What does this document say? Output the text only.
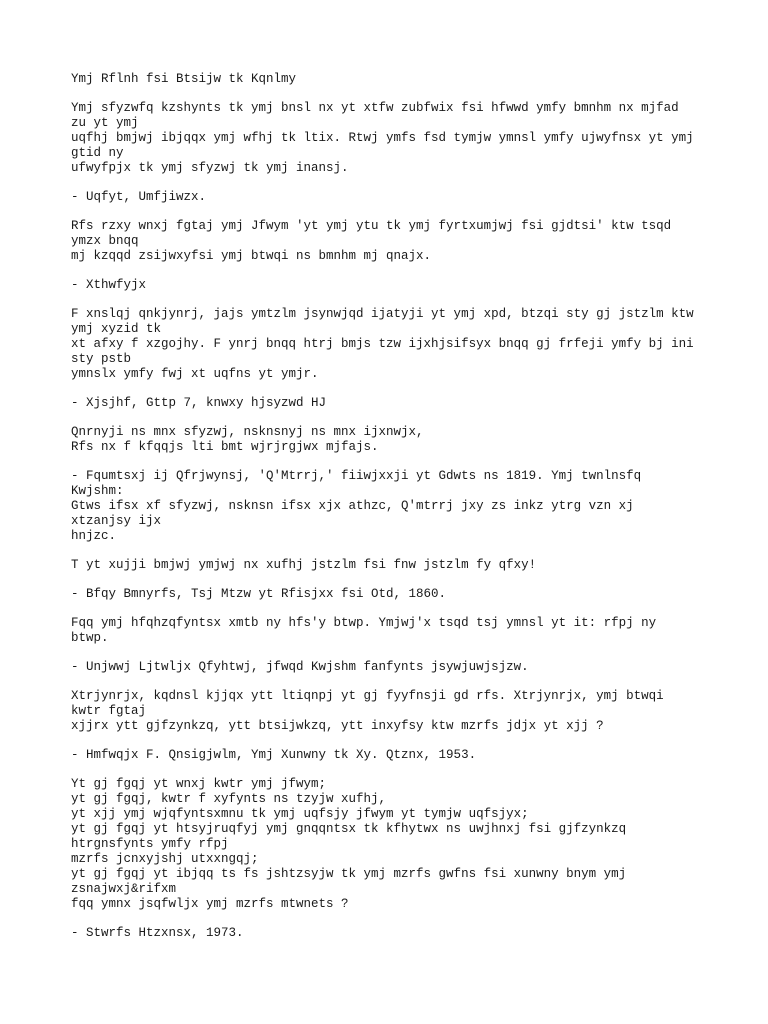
Ymj Rflnh fsi Btsijw tk Kqnlmy

Ymj sfyzwfq kzshynts tk ymj bnsl nx yt xtfw zubfwix fsi hfwwd ymfy bmnhm nx mjfad
zu yt ymj
uqfhj bmjwj ibjqqx ymj wfhj tk ltix. Rtwj ymfs fsd tymjw ymnsl ymfy ujwyfnsx yt ymj
gtid ny
ufwyfpjx tk ymj sfyzwj tk ymj inansj.

- Uqfyt, Umfjiwzx.

Rfs rzxy wnxj fgtaj ymj Jfwym 'yt ymj ytu tk ymj fyrtxumjwj fsi gjdtsi' ktw tsqd
ymzx bnqq
mj kzqqd zsijwxyfsi ymj btwqi ns bmnhm mj qnajx.

- Xthwfyjx

F xnslqj qnkjynrj, jajs ymtzlm jsynwjqd ijatyji yt ymj xpd, btzqi sty gj jstzlm ktw
ymj xyzid tk
xt afxy f xzgojhy. F ynrj bnqq htrj bmjs tzw ijxhjsifsyx bnqq gj frfeji ymfy bj ini
sty pstb
ymnslx ymfy fwj xt uqfns yt ymjr.

- Xjsjhf, Gttp 7, knwxy hjsyzwd HJ

Qnrnyji ns mnx sfyzwj, nsknsnyj ns mnx ijxnwjx,
Rfs nx f kfqqjs lti bmt wjrjrgjwx mjfajs.

- Fqumtsxj ij Qfrjwynsj, 'Q'Mtrrj,' fiiwjxxji yt Gdwts ns 1819. Ymj twnlnsfq
Kwjshm:
Gtws ifsx xf sfyzwj, nsknsn ifsx xjx athzc, Q'mtrrj jxy zs inkz ytrg vzn xj
xtzanjsy ijx
hnjzc.

T yt xujji bmjwj ymjwj nx xufhj jstzlm fsi fnw jstzlm fy qfxy!

- Bfqy Bmnyrfs, Tsj Mtzw yt Rfisjxx fsi Otd, 1860.

Fqq ymj hfqhzqfyntsx xmtb ny hfs'y btwp. Ymjwj'x tsqd tsj ymnsl yt it: rfpj ny
btwp.

- Unjwwj Ljtwljx Qfyhtwj, jfwqd Kwjshm fanfynts jsywjuwjsjzw.

Xtrjynrjx, kqdnsl kjjqx ytt ltiqnpj yt gj fyyfnsji gd rfs. Xtrjynrjx, ymj btwqi
kwtr fgtaj
xjjrx ytt gjfzynkzq, ytt btsijwkzq, ytt inxyfsy ktw mzrfs jdjx yt xjj ?

- Hmfwqjx F. Qnsigjwlm, Ymj Xunwny tk Xy. Qtznx, 1953.

Yt gj fgqj yt wnxj kwtr ymj jfwym;
yt gj fgqj, kwtr f xyfynts ns tzyjw xufhj,
yt xjj ymj wjqfyntsxmnu tk ymj uqfsjy jfwym yt tymjw uqfsjyx;
yt gj fgqj yt htsyjruqfyj ymj gnqqntsx tk kfhytwx ns uwjhnxj fsi gjfzynkzq
htrgnsfynts ymfy rfpj
mzrfs jcnxyjshj utxxngqj;
yt gj fgqj yt ibjqq ts fs jshtzsyjw tk ymj mzrfs gwfns fsi xunwny bnym ymj
zsnajwxj&rifxm
fqq ymnx jsqfwljx ymj mzrfs mtwnets ?

- Stwrfs Htzxnsx, 1973.
